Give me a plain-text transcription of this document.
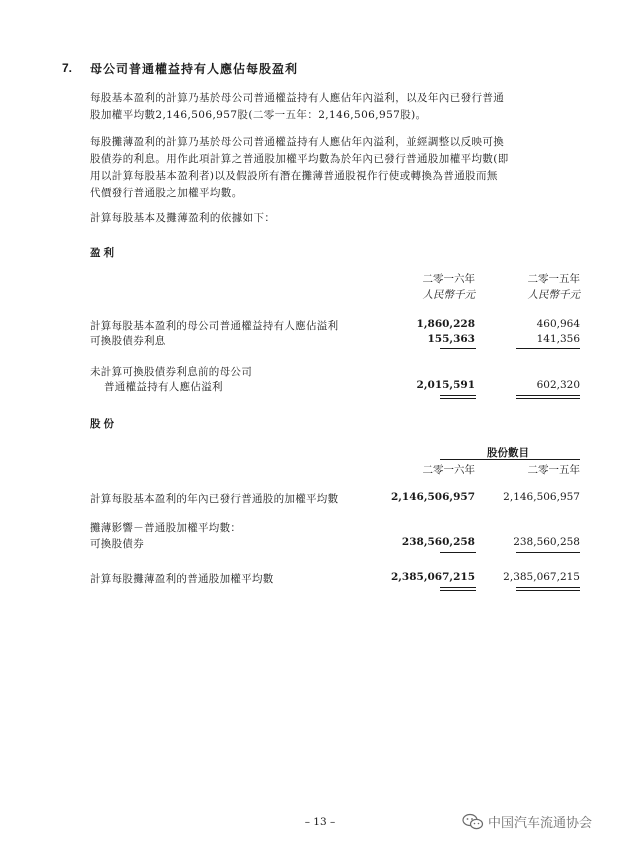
7. 母公司普通權益持有人應佔每股盈利
每股基本盈利的計算乃基於母公司普通權益持有人應佔年內溢利，以及年內已發行普通
股加權平均數2,146,506,957股(二零一五年：2,146,506,957股)。
每股攤薄盈利的計算乃基於母公司普通權益持有人應佔年內溢利，並經調整以反映可換
股債券的利息。用作此項計算之普通股加權平均數為於年內已發行普通股加權平均數(即
用以計算每股基本盈利者)以及假設所有潛在攤薄普通股視作行使或轉換為普通股而無
代價發行普通股之加權平均數。
計算每股基本及攤薄盈利的依據如下：
盈利
二零一六年	二零一五年
人民幣千元	人民幣千元
計算每股基本盈利的母公司普通權益持有人應佔溢利	1,860,228	460,964
可換股債券利息	155,363	141,356
未計算可換股債券利息前的母公司
普通權益持有人應佔溢利	2,015,591	602,320
股份
股份數目
二零一六年	二零一五年
計算每股基本盈利的年內已發行普通股的加權平均數	2,146,506,957	2,146,506,957
攤薄影響－普通股加權平均數：
可換股債券	238,560,258	238,560,258
計算每股攤薄盈利的普通股加權平均數	2,385,067,215	2,385,067,215
– 13 –	中国汽车流通协会
